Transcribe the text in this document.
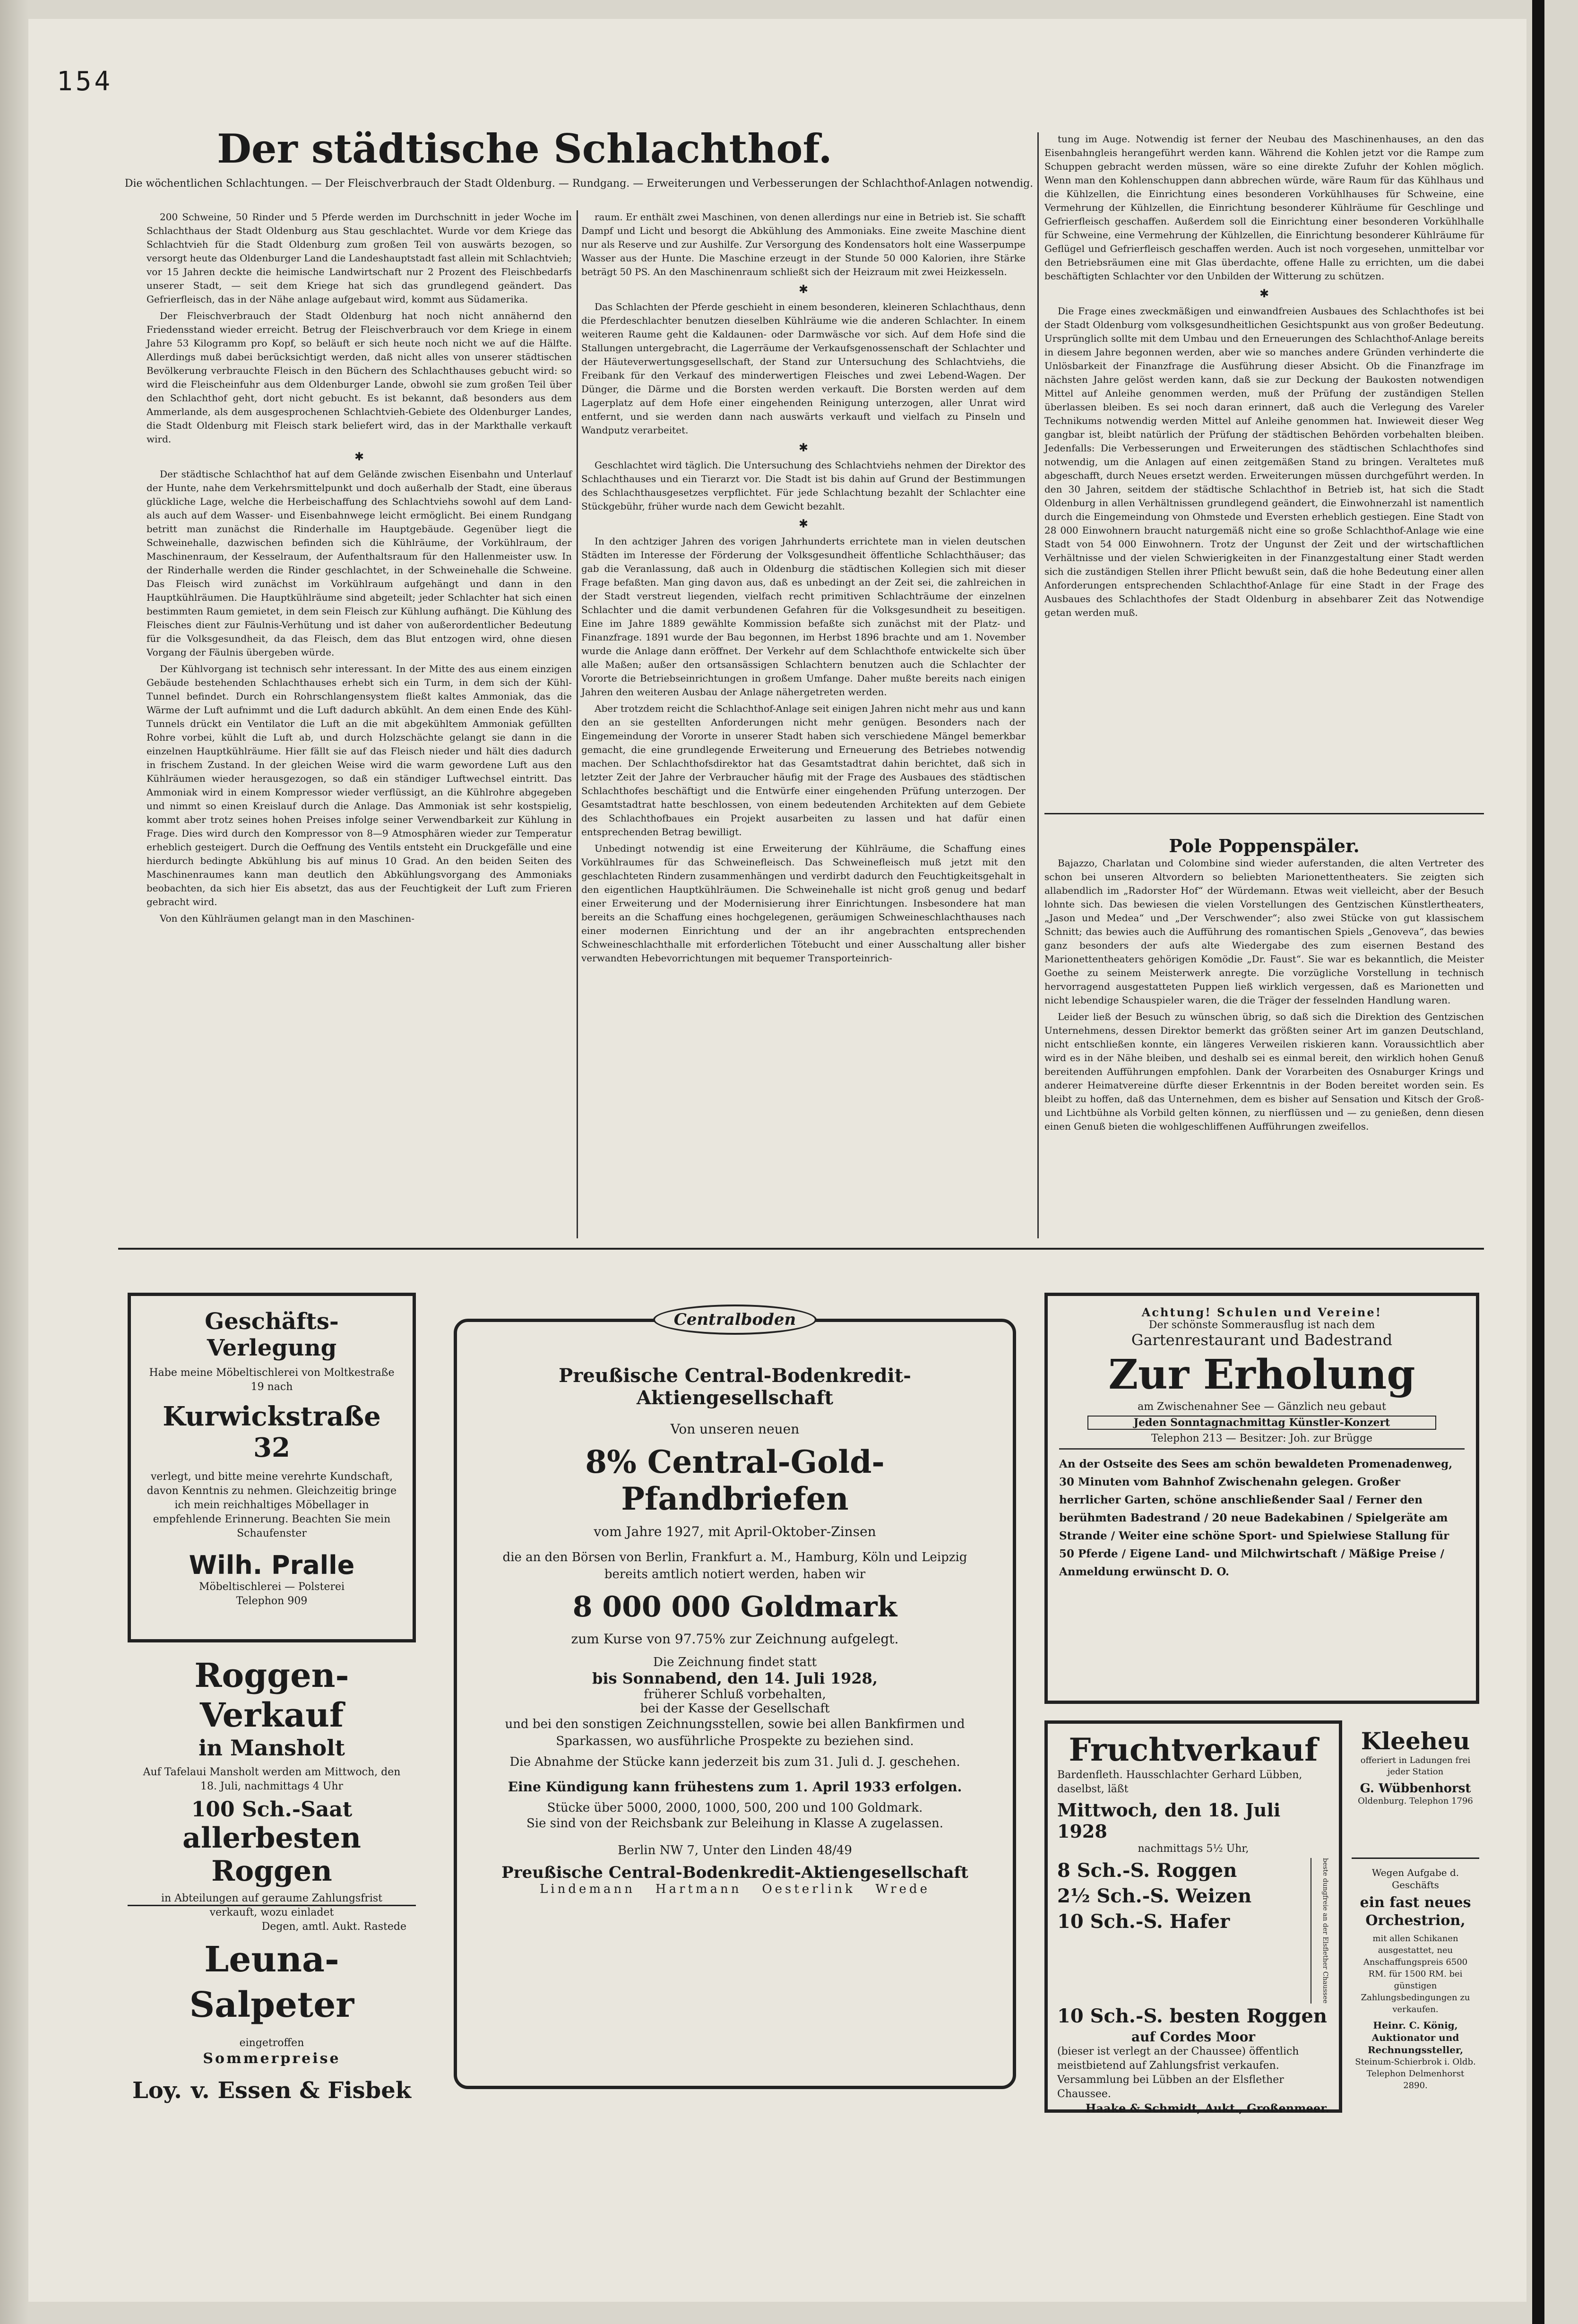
154
Der städtische Schlachthof.
Die wöchentlichen Schlachtungen. — Der Fleischverbrauch der Stadt Oldenburg. — Rundgang. — Erweiterungen und Verbesserungen der Schlachthof-Anlagen notwendig.

200 Schweine, 50 Rinder und 5 Pferde werden im Durchschnitt in jeder Woche im Schlachthaus der Stadt Oldenburg aus Stau geschlachtet. Wurde vor dem Kriege das Schlachtvieh für die Stadt Oldenburg zum großen Teil von auswärts bezogen, so versorgt heute das Oldenburger Land die Landeshauptstadt fast allein mit Schlachtvieh; vor 15 Jahren deckte die heimische Landwirtschaft nur 2 Prozent des Fleischbedarfs unserer Stadt, — seit dem Kriege hat sich das grundlegend geändert. Das Gefrierfleisch, das in der Nähe anlage aufgebaut wird, kommt aus Südamerika.

Der Fleischverbrauch der Stadt Oldenburg hat noch nicht annähernd den Friedensstand wieder erreicht. Betrug der Fleischverbrauch vor dem Kriege in einem Jahre 53 Kilogramm pro Kopf, so beläuft er sich heute noch nicht we auf die Hälfte. Allerdings muß dabei berücksichtigt werden, daß nicht alles von unserer städtischen Bevölkerung verbrauchte Fleisch in den Büchern des Schlachthauses gebucht wird: so wird die Fleischeinfuhr aus dem Oldenburger Lande, obwohl sie zum großen Teil über den Schlachthof geht, dort nicht gebucht. Es ist bekannt, daß besonders aus dem Ammerlande, als dem ausgesprochenen Schlachtvieh-Gebiete des Oldenburger Landes, die Stadt Oldenburg mit Fleisch stark beliefert wird, das in der Markthalle verkauft wird.

✱

Der städtische Schlachthof hat auf dem Gelände zwischen Eisenbahn und Unterlauf der Hunte, nahe dem Verkehrsmittelpunkt und doch außerhalb der Stadt, eine überaus glückliche Lage, welche die Herbeischaffung des Schlachtviehs sowohl auf dem Land- als auch auf dem Wasser- und Eisenbahnwege leicht ermöglicht. Bei einem Rundgang betritt man zunächst die Rinderhalle im Hauptgebäude. Gegenüber liegt die Schweinehalle, dazwischen befinden sich die Kühlräume, der Vorkühlraum, der Maschinenraum, der Kesselraum, der Aufenthaltsraum für den Hallenmeister usw. In der Rinderhalle werden die Rinder geschlachtet, in der Schweinehalle die Schweine. Das Fleisch wird zunächst im Vorkühlraum aufgehängt und dann in den Hauptkühlräumen. Die Hauptkühlräume sind abgeteilt; jeder Schlachter hat sich einen bestimmten Raum gemietet, in dem sein Fleisch zur Kühlung aufhängt. Die Kühlung des Fleisches dient zur Fäulnis-Verhütung und ist daher von außerordentlicher Bedeutung für die Volksgesundheit, da das Fleisch, dem das Blut entzogen wird, ohne diesen Vorgang der Fäulnis übergeben würde.

Der Kühlvorgang ist technisch sehr interessant. In der Mitte des aus einem einzigen Gebäude bestehenden Schlachthauses erhebt sich ein Turm, in dem sich der Kühl-Tunnel befindet. Durch ein Rohrschlangensystem fließt kaltes Ammoniak, das die Wärme der Luft aufnimmt und die Luft dadurch abkühlt. An dem einen Ende des Kühl-Tunnels drückt ein Ventilator die Luft an die mit abgekühltem Ammoniak gefüllten Rohre vorbei, kühlt die Luft ab, und durch Holzschächte gelangt sie dann in die einzelnen Hauptkühlräume. Hier fällt sie auf das Fleisch nieder und hält dies dadurch in frischem Zustand. In der gleichen Weise wird die warm gewordene Luft aus den Kühlräumen wieder herausgezogen, so daß ein ständiger Luftwechsel eintritt. Das Ammoniak wird in einem Kompressor wieder verflüssigt, an die Kühlrohre abgegeben und nimmt so einen Kreislauf durch die Anlage. Das Ammoniak ist sehr kostspielig, kommt aber trotz seines hohen Preises infolge seiner Verwendbarkeit zur Kühlung in Frage. Dies wird durch den Kompressor von 8—9 Atmosphären wieder zur Temperatur erheblich gesteigert. Durch die Oeffnung des Ventils entsteht ein Druckgefälle und eine hierdurch bedingte Abkühlung bis auf minus 10 Grad. An den beiden Seiten des Maschinenraumes kann man deutlich den Abkühlungsvorgang des Ammoniaks beobachten, da sich hier Eis absetzt, das aus der Feuchtigkeit der Luft zum Frieren gebracht wird.

Von den Kühlräumen gelangt man in den Maschinen-

raum. Er enthält zwei Maschinen, von denen allerdings nur eine in Betrieb ist. Sie schafft Dampf und Licht und besorgt die Abkühlung des Ammoniaks. Eine zweite Maschine dient nur als Reserve und zur Aushilfe. Zur Versorgung des Kondensators holt eine Wasserpumpe Wasser aus der Hunte. Die Maschine erzeugt in der Stunde 50 000 Kalorien, ihre Stärke beträgt 50 PS. An den Maschinenraum schließt sich der Heizraum mit zwei Heizkesseln.

✱

Das Schlachten der Pferde geschieht in einem besonderen, kleineren Schlachthaus, denn die Pferdeschlachter benutzen dieselben Kühlräume wie die anderen Schlachter. In einem weiteren Raume geht die Kaldaunen- oder Darmwäsche vor sich. Auf dem Hofe sind die Stallungen untergebracht, die Lagerräume der Verkaufsgenossenschaft der Schlachter und der Häuteverwertungsgesellschaft, der Stand zur Untersuchung des Schlachtviehs, die Freibank für den Verkauf des minderwertigen Fleisches und zwei Lebend-Wagen. Der Dünger, die Därme und die Borsten werden verkauft. Die Borsten werden auf dem Lagerplatz auf dem Hofe einer eingehenden Reinigung unterzogen, aller Unrat wird entfernt, und sie werden dann nach auswärts verkauft und vielfach zu Pinseln und Wandputz verarbeitet.

✱

Geschlachtet wird täglich. Die Untersuchung des Schlachtviehs nehmen der Direktor des Schlachthauses und ein Tierarzt vor. Die Stadt ist bis dahin auf Grund der Bestimmungen des Schlachthausgesetzes verpflichtet. Für jede Schlachtung bezahlt der Schlachter eine Stückgebühr, früher wurde nach dem Gewicht bezahlt.

✱

In den achtziger Jahren des vorigen Jahrhunderts errichtete man in vielen deutschen Städten im Interesse der Förderung der Volksgesundheit öffentliche Schlachthäuser; das gab die Veranlassung, daß auch in Oldenburg die städtischen Kollegien sich mit dieser Frage befaßten. Man ging davon aus, daß es unbedingt an der Zeit sei, die zahlreichen in der Stadt verstreut liegenden, vielfach recht primitiven Schlachträume der einzelnen Schlachter und die damit verbundenen Gefahren für die Volksgesundheit zu beseitigen. Eine im Jahre 1889 gewählte Kommission befaßte sich zunächst mit der Platz- und Finanzfrage. 1891 wurde der Bau begonnen, im Herbst 1896 brachte und am 1. November wurde die Anlage dann eröffnet. Der Verkehr auf dem Schlachthofe entwickelte sich über alle Maßen; außer den ortsansässigen Schlachtern benutzen auch die Schlachter der Vororte die Betriebseinrichtungen in großem Umfange. Daher mußte bereits nach einigen Jahren den weiteren Ausbau der Anlage nähergetreten werden.

Aber trotzdem reicht die Schlachthof-Anlage seit einigen Jahren nicht mehr aus und kann den an sie gestellten Anforderungen nicht mehr genügen. Besonders nach der Eingemeindung der Vororte in unserer Stadt haben sich verschiedene Mängel bemerkbar gemacht, die eine grundlegende Erweiterung und Erneuerung des Betriebes notwendig machen. Der Schlachthofsdirektor hat das Gesamtstadtrat dahin berichtet, daß sich in letzter Zeit der Jahre der Verbraucher häufig mit der Frage des Ausbaues des städtischen Schlachthofes beschäftigt und die Entwürfe einer eingehenden Prüfung unterzogen. Der Gesamtstadtrat hatte beschlossen, von einem bedeutenden Architekten auf dem Gebiete des Schlachthofbaues ein Projekt ausarbeiten zu lassen und hat dafür einen entsprechenden Betrag bewilligt.

Unbedingt notwendig ist eine Erweiterung der Kühlräume, die Schaffung eines Vorkühlraumes für das Schweinefleisch. Das Schweinefleisch muß jetzt mit den geschlachteten Rindern zusammenhängen und verdirbt dadurch den Feuchtigkeitsgehalt in den eigentlichen Hauptkühlräumen. Die Schweinehalle ist nicht groß genug und bedarf einer Erweiterung und der Modernisierung ihrer Einrichtungen. Insbesondere hat man bereits an die Schaffung eines hochgelegenen, geräumigen Schweineschlachthauses nach einer modernen Einrichtung und der an ihr angebrachten entsprechenden Schweineschlachthalle mit erforderlichen Tötebucht und einer Ausschaltung aller bisher verwandten Hebevorrichtungen mit bequemer Transporteinrich-

tung im Auge. Notwendig ist ferner der Neubau des Maschinenhauses, an den das Eisenbahngleis herangeführt werden kann. Während die Kohlen jetzt vor die Rampe zum Schuppen gebracht werden müssen, wäre so eine direkte Zufuhr der Kohlen möglich. Wenn man den Kohlenschuppen dann abbrechen würde, wäre Raum für das Kühlhaus und die Kühlzellen, die Einrichtung eines besonderen Vorkühlhauses für Schweine, eine Vermehrung der Kühlzellen, die Einrichtung besonderer Kühlräume für Geschlinge und Gefrierfleisch geschaffen. Außerdem soll die Einrichtung einer besonderen Vorkühlhalle für Schweine, eine Vermehrung der Kühlzellen, die Einrichtung besonderer Kühlräume für Geflügel und Gefrierfleisch geschaffen werden. Auch ist noch vorgesehen, unmittelbar vor den Betriebsräumen eine mit Glas überdachte, offene Halle zu errichten, um die dabei beschäftigten Schlachter vor den Unbilden der Witterung zu schützen.

✱

Die Frage eines zweckmäßigen und einwandfreien Ausbaues des Schlachthofes ist bei der Stadt Oldenburg vom volksgesundheitlichen Gesichtspunkt aus von großer Bedeutung. Ursprünglich sollte mit dem Umbau und den Erneuerungen des Schlachthof-Anlage bereits in diesem Jahre begonnen werden, aber wie so manches andere Gründen verhinderte die Unlösbarkeit der Finanzfrage die Ausführung dieser Absicht. Ob die Finanzfrage im nächsten Jahre gelöst werden kann, daß sie zur Deckung der Baukosten notwendigen Mittel auf Anleihe genommen werden, muß der Prüfung der zuständigen Stellen überlassen bleiben. Es sei noch daran erinnert, daß auch die Verlegung des Vareler Technikums notwendig werden Mittel auf Anleihe genommen hat. Inwieweit dieser Weg gangbar ist, bleibt natürlich der Prüfung der städtischen Behörden vorbehalten bleiben. Jedenfalls: Die Verbesserungen und Erweiterungen des städtischen Schlachthofes sind notwendig, um die Anlagen auf einen zeitgemäßen Stand zu bringen. Veraltetes muß abgeschafft, durch Neues ersetzt werden. Erweiterungen müssen durchgeführt werden. In den 30 Jahren, seitdem der städtische Schlachthof in Betrieb ist, hat sich die Stadt Oldenburg in allen Verhältnissen grundlegend geändert, die Einwohnerzahl ist namentlich durch die Eingemeindung von Ohmstede und Eversten erheblich gestiegen. Eine Stadt von 28 000 Einwohnern braucht naturgemäß nicht eine so große Schlachthof-Anlage wie eine Stadt von 54 000 Einwohnern. Trotz der Ungunst der Zeit und der wirtschaftlichen Verhältnisse und der vielen Schwierigkeiten in der Finanzgestaltung einer Stadt werden sich die zuständigen Stellen ihrer Pflicht bewußt sein, daß die hohe Bedeutung einer allen Anforderungen entsprechenden Schlachthof-Anlage für eine Stadt in der Frage des Ausbaues des Schlachthofes der Stadt Oldenburg in absehbarer Zeit das Notwendige getan werden muß.

Pole Poppenspäler.

Bajazzo, Charlatan und Colombine sind wieder auferstanden, die alten Vertreter des schon bei unseren Altvordern so beliebten Marionettentheaters. Sie zeigten sich allabendlich im „Radorster Hof“ der Würdemann. Etwas weit vielleicht, aber der Besuch lohnte sich. Das bewiesen die vielen Vorstellungen des Gentzischen Künstlertheaters, „Jason und Medea“ und „Der Verschwender“; also zwei Stücke von gut klassischem Schnitt; das bewies auch die Aufführung des romantischen Spiels „Genoveva“, das bewies ganz besonders der aufs alte Wiedergabe des zum eisernen Bestand des Marionettentheaters gehörigen Komödie „Dr. Faust“. Sie war es bekanntlich, die Meister Goethe zu seinem Meisterwerk anregte. Die vorzügliche Vorstellung in technisch hervorragend ausgestatteten Puppen ließ wirklich vergessen, daß es Marionetten und nicht lebendige Schauspieler waren, die die Träger der fesselnden Handlung waren.

Leider ließ der Besuch zu wünschen übrig, so daß sich die Direktion des Gentzischen Unternehmens, dessen Direktor bemerkt das größten seiner Art im ganzen Deutschland, nicht entschließen konnte, ein längeres Verweilen riskieren kann. Voraussichtlich aber wird es in der Nähe bleiben, und deshalb sei es einmal bereit, den wirklich hohen Genuß bereitenden Aufführungen empfohlen. Dank der Vorarbeiten des Osnaburger Krings und anderer Heimatvereine dürfte dieser Erkenntnis in der Boden bereitet worden sein. Es bleibt zu hoffen, daß das Unternehmen, dem es bisher auf Sensation und Kitsch der Groß- und Lichtbühne als Vorbild gelten können, zu nierflüssen und — zu genießen, denn diesen einen Genuß bieten die wohlgeschliffenen Aufführungen zweifellos.

Geschäfts-Verlegung
Habe meine Möbeltischlerei von Moltkestraße 19 nach
Kurwickstraße 32
verlegt, und bitte meine verehrte Kundschaft, davon Kenntnis zu nehmen. Gleichzeitig bringe ich mein reichhaltiges Möbellager in empfehlende Erinnerung. Beachten Sie mein Schaufenster
Wilh. Pralle
Möbeltischlerei — Polsterei
Telephon 909
Roggen-Verkauf
in Mansholt
Auf Tafelaui Mansholt werden am Mittwoch, den 18. Juli, nachmittags 4 Uhr
100 Sch.-Saat
allerbesten Roggen
in Abteilungen auf geraume Zahlungsfrist verkauft, wozu einladet
Degen, amtl. Aukt. Rastede
Leuna-Salpeter
eingetroffen
Sommerpreise
Loy. v. Essen & Fisbek
Preußische Central-Bodenkredit-Aktiengesellschaft
Von unseren neuen
8% Central-Gold-Pfandbriefen
vom Jahre 1927, mit April-Oktober-Zinsen
die an den Börsen von Berlin, Frankfurt a. M., Hamburg, Köln und Leipzig bereits amtlich notiert werden, haben wir
8 000 000 Goldmark
zum Kurse von 97.75% zur Zeichnung aufgelegt.
Die Zeichnung findet statt
bis Sonnabend, den 14. Juli 1928,
früherer Schluß vorbehalten,
bei der Kasse der Gesellschaft
und bei den sonstigen Zeichnungsstellen, sowie bei allen Bankfirmen und Sparkassen, wo ausführliche Prospekte zu beziehen sind.
Die Abnahme der Stücke kann jederzeit bis zum 31. Juli d. J. geschehen.
Eine Kündigung kann frühestens zum 1. April 1933 erfolgen.
Stücke über 5000, 2000, 1000, 500, 200 und 100 Goldmark.
Sie sind von der Reichsbank zur Beleihung in Klasse A zugelassen.
Berlin NW 7, Unter den Linden 48/49
Preußische Central-Bodenkredit-Aktiengesellschaft
Lindemann   Hartmann   Oesterlink   Wrede
Centralboden	Achtung! Schulen und Vereine!
Der schönste Sommerausflug ist nach dem
Gartenrestaurant und Badestrand
Zur Erholung
am Zwischenahner See — Gänzlich neu gebaut
Jeden Sonntagnachmittag Künstler-Konzert
Telephon 213 — Besitzer: Joh. zur Brügge
An der Ostseite des Sees am schön bewaldeten Promenadenweg, 30 Minuten vom Bahnhof Zwischenahn gelegen. Großer herrlicher Garten, schöne anschließender Saal / Ferner den berühmten Badestrand / 20 neue Badekabinen / Spielgeräte am Strande / Weiter eine schöne Sport- und Spielwiese Stallung für 50 Pferde / Eigene Land- und Milchwirtschaft / Mäßige Preise / Anmeldung erwünscht D. O.
Fruchtverkauf
Bardenfleth. Hausschlachter Gerhard Lübben, daselbst, läßt
Mittwoch, den 18. Juli 1928
nachmittags 5½ Uhr,
8 Sch.-S. Roggen
2½ Sch.-S. Weizen
10 Sch.-S. Hafer	beste dungfreie an der Elsflether Chaussee
10 Sch.-S. besten Roggen
auf Cordes Moor
(bieser ist verlegt an der Chaussee) öffentlich meistbietend auf Zahlungsfrist verkaufen.
Versammlung bei Lübben an der Elsflether Chaussee.
Haake & Schmidt, Aukt., Großenmeer.
Kleeheu
offeriert in Ladungen frei jeder Station
G. Wübbenhorst
Oldenburg. Telephon 1796
Wegen Aufgabe d. Geschäfts
ein fast neues Orchestrion,
mit allen Schikanen ausgestattet, neu Anschaffungspreis 6500 RM. für 1500 RM. bei günstigen Zahlungsbedingungen zu verkaufen.
Heinr. C. König, Auktionator und Rechnungssteller,
Steinum-Schierbrok i. Oldb. Telephon Delmenhorst 2890.
